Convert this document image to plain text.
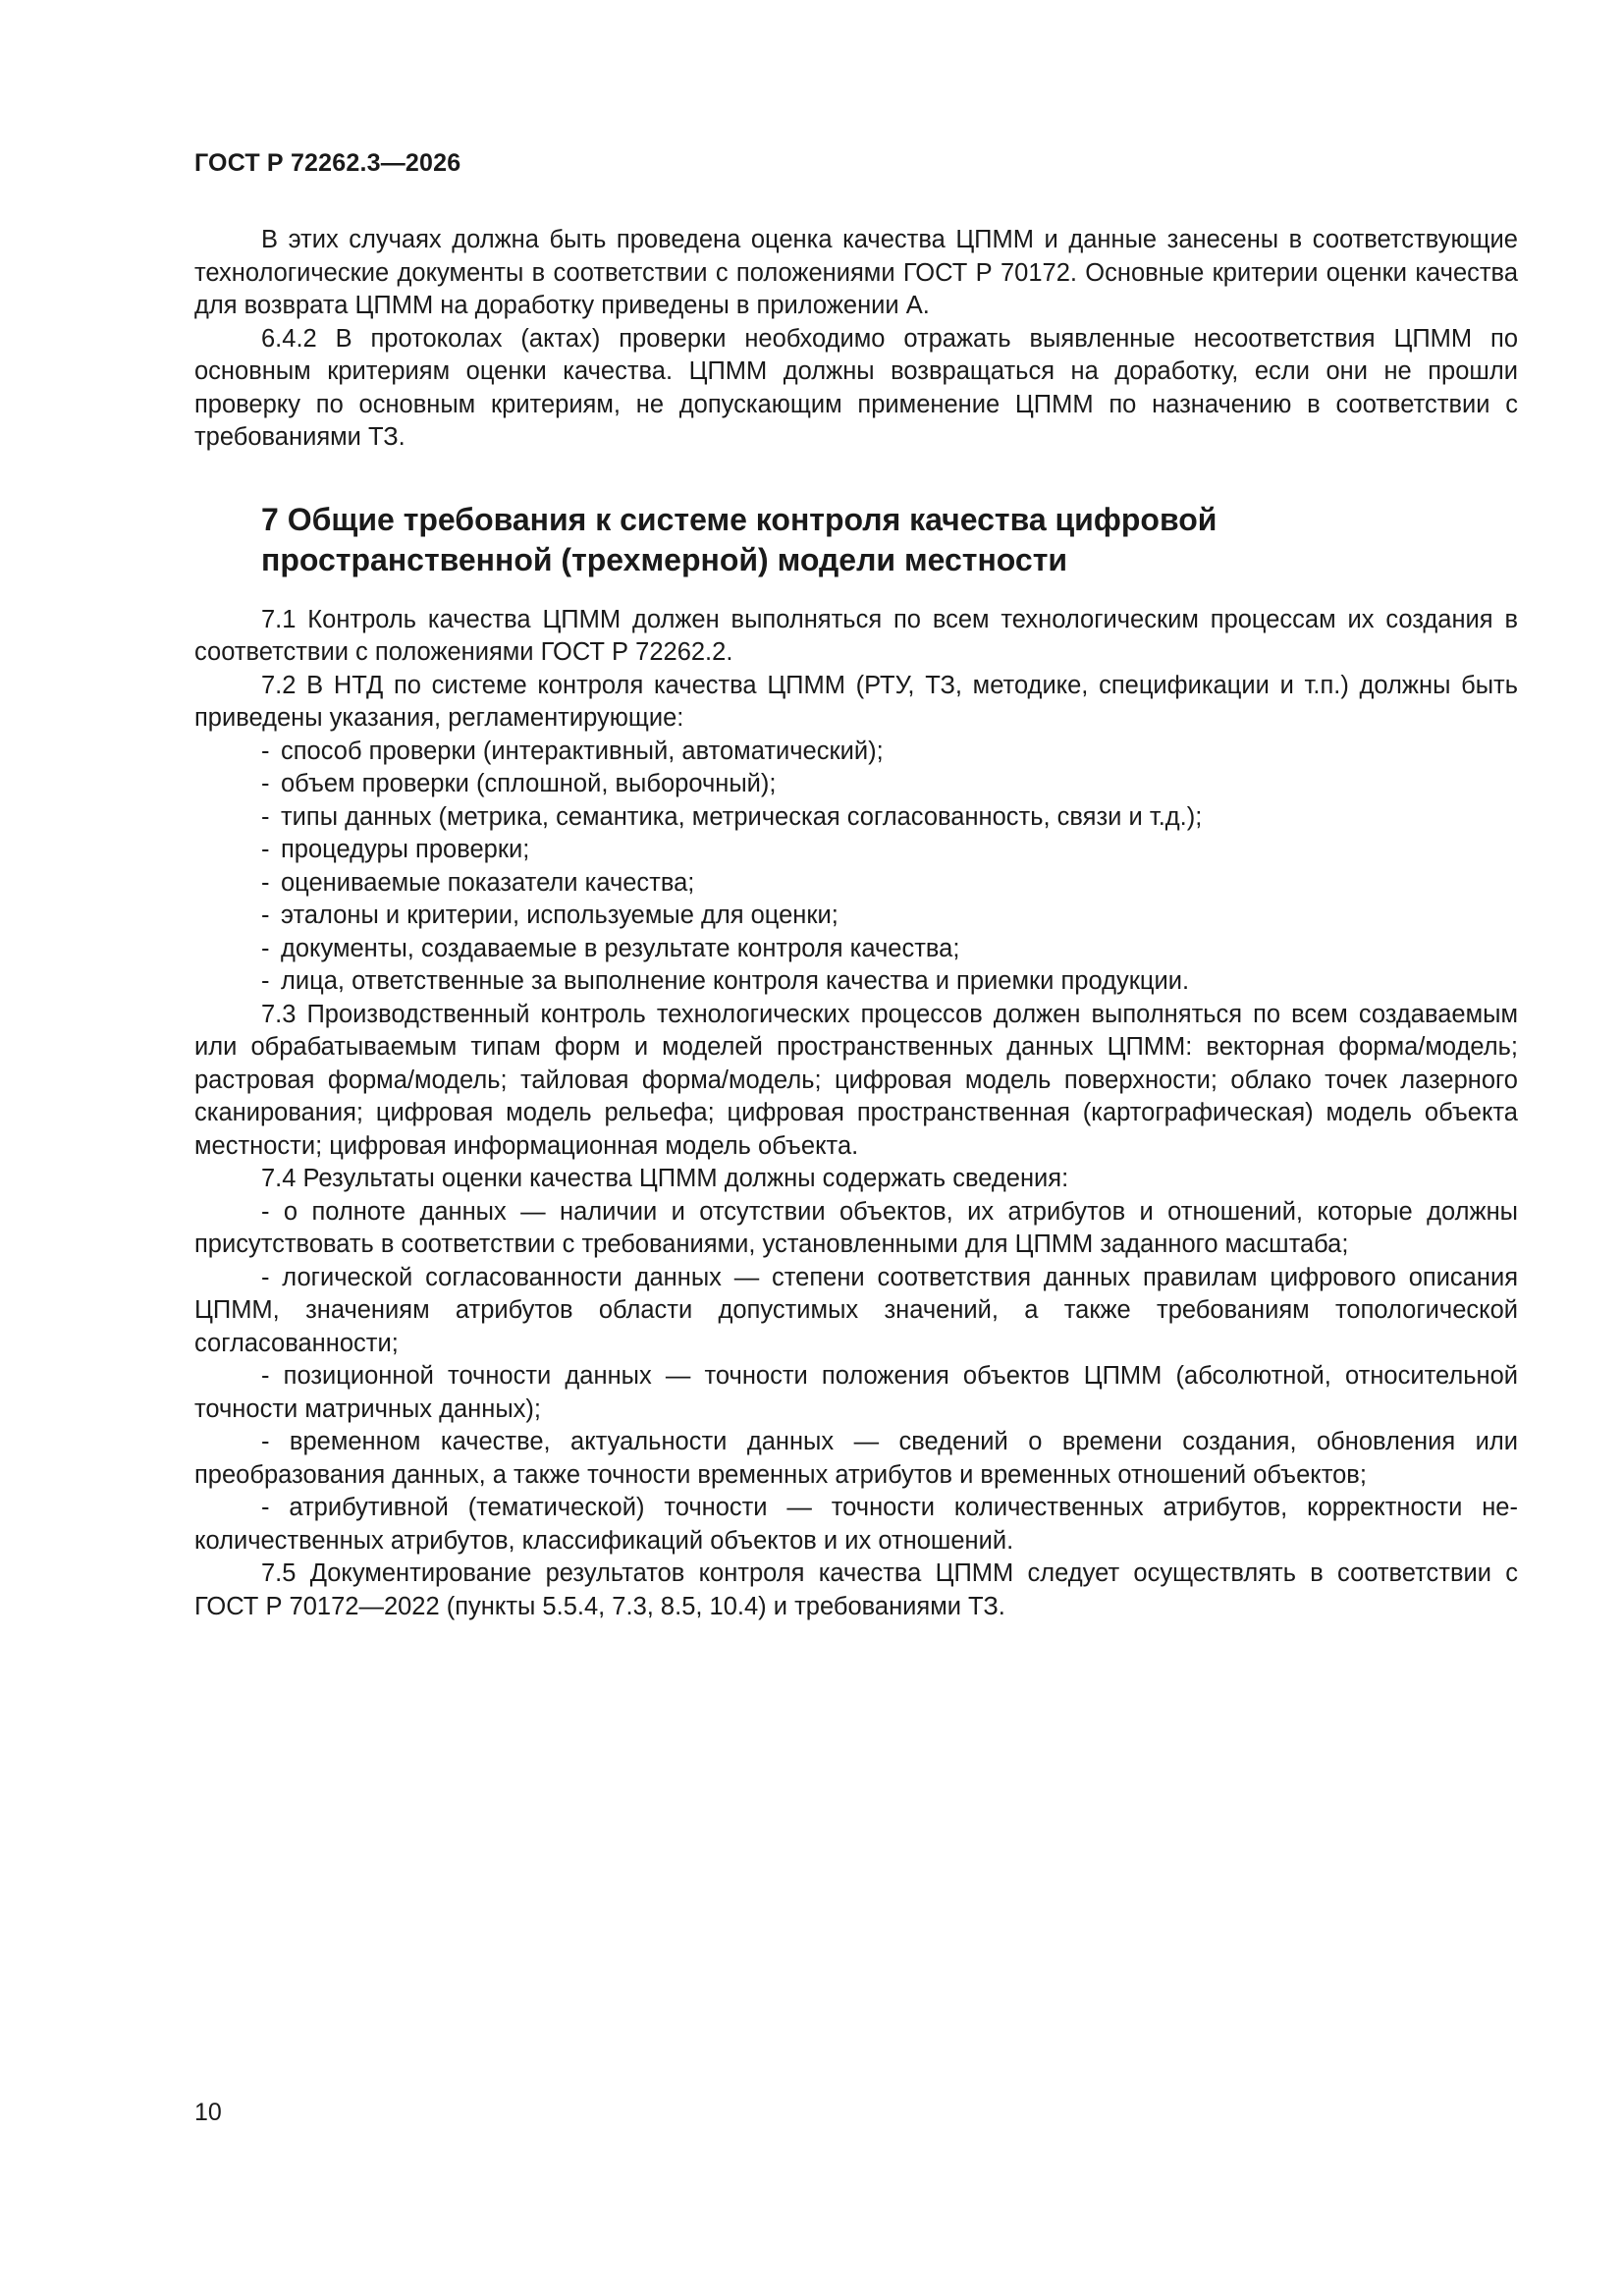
ГОСТ Р 72262.3—2026

В этих случаях должна быть проведена оценка качества ЦПММ и данные занесены в соответствующие технологические документы в соответствии с положениями ГОСТ Р 70172. Основные критерии оценки качества для возврата ЦПММ на доработку приведены в приложении А.

6.4.2 В протоколах (актах) проверки необходимо отражать выявленные несоответствия ЦПММ по основным критериям оценки качества. ЦПММ должны возвращаться на доработку, если они не прошли проверку по основным критериям, не допускающим применение ЦПММ по назначению в соответствии с требованиями ТЗ.

7 Общие требования к системе контроля качества цифровой
пространственной (трехмерной) модели местности

7.1 Контроль качества ЦПММ должен выполняться по всем технологическим процессам их создания в соответствии с положениями ГОСТ Р 72262.2.

7.2 В НТД по системе контроля качества ЦПММ (РТУ, ТЗ, методике, спецификации и т.п.) должны быть приведены указания, регламентирующие:

- способ проверки (интерактивный, автоматический);
- объем проверки (сплошной, выборочный);
- типы данных (метрика, семантика, метрическая согласованность, связи и т.д.);
- процедуры проверки;
- оцениваемые показатели качества;
- эталоны и критерии, используемые для оценки;
- документы, создаваемые в результате контроля качества;
- лица, ответственные за выполнение контроля качества и приемки продукции.

7.3 Производственный контроль технологических процессов должен выполняться по всем создаваемым или обрабатываемым типам форм и моделей пространственных данных ЦПММ: векторная форма/модель; растровая форма/модель; тайловая форма/модель; цифровая модель поверхности; облако точек лазерного сканирования; цифровая модель рельефа; цифровая пространственная (картографическая) модель объекта местности; цифровая информационная модель объекта.

7.4 Результаты оценки качества ЦПММ должны содержать сведения:

- о полноте данных — наличии и отсутствии объектов, их атрибутов и отношений, которые должны присутствовать в соответствии с требованиями, установленными для ЦПММ заданного масштаба;

- логической согласованности данных — степени соответствия данных правилам цифрового описания ЦПММ, значениям атрибутов области допустимых значений, а также требованиям топологической согласованности;

- позиционной точности данных — точности положения объектов ЦПММ (абсолютной, относительной точности матричных данных);

- временном качестве, актуальности данных — сведений о времени создания, обновления или преобразования данных, а также точности временных атрибутов и временных отношений объектов;

- атрибутивной (тематической) точности — точности количественных атрибутов, корректности неколичественных атрибутов, классификаций объектов и их отношений.

7.5 Документирование результатов контроля качества ЦПММ следует осуществлять в соответствии с ГОСТ Р 70172—2022 (пункты 5.5.4, 7.3, 8.5, 10.4) и требованиями ТЗ.

10
